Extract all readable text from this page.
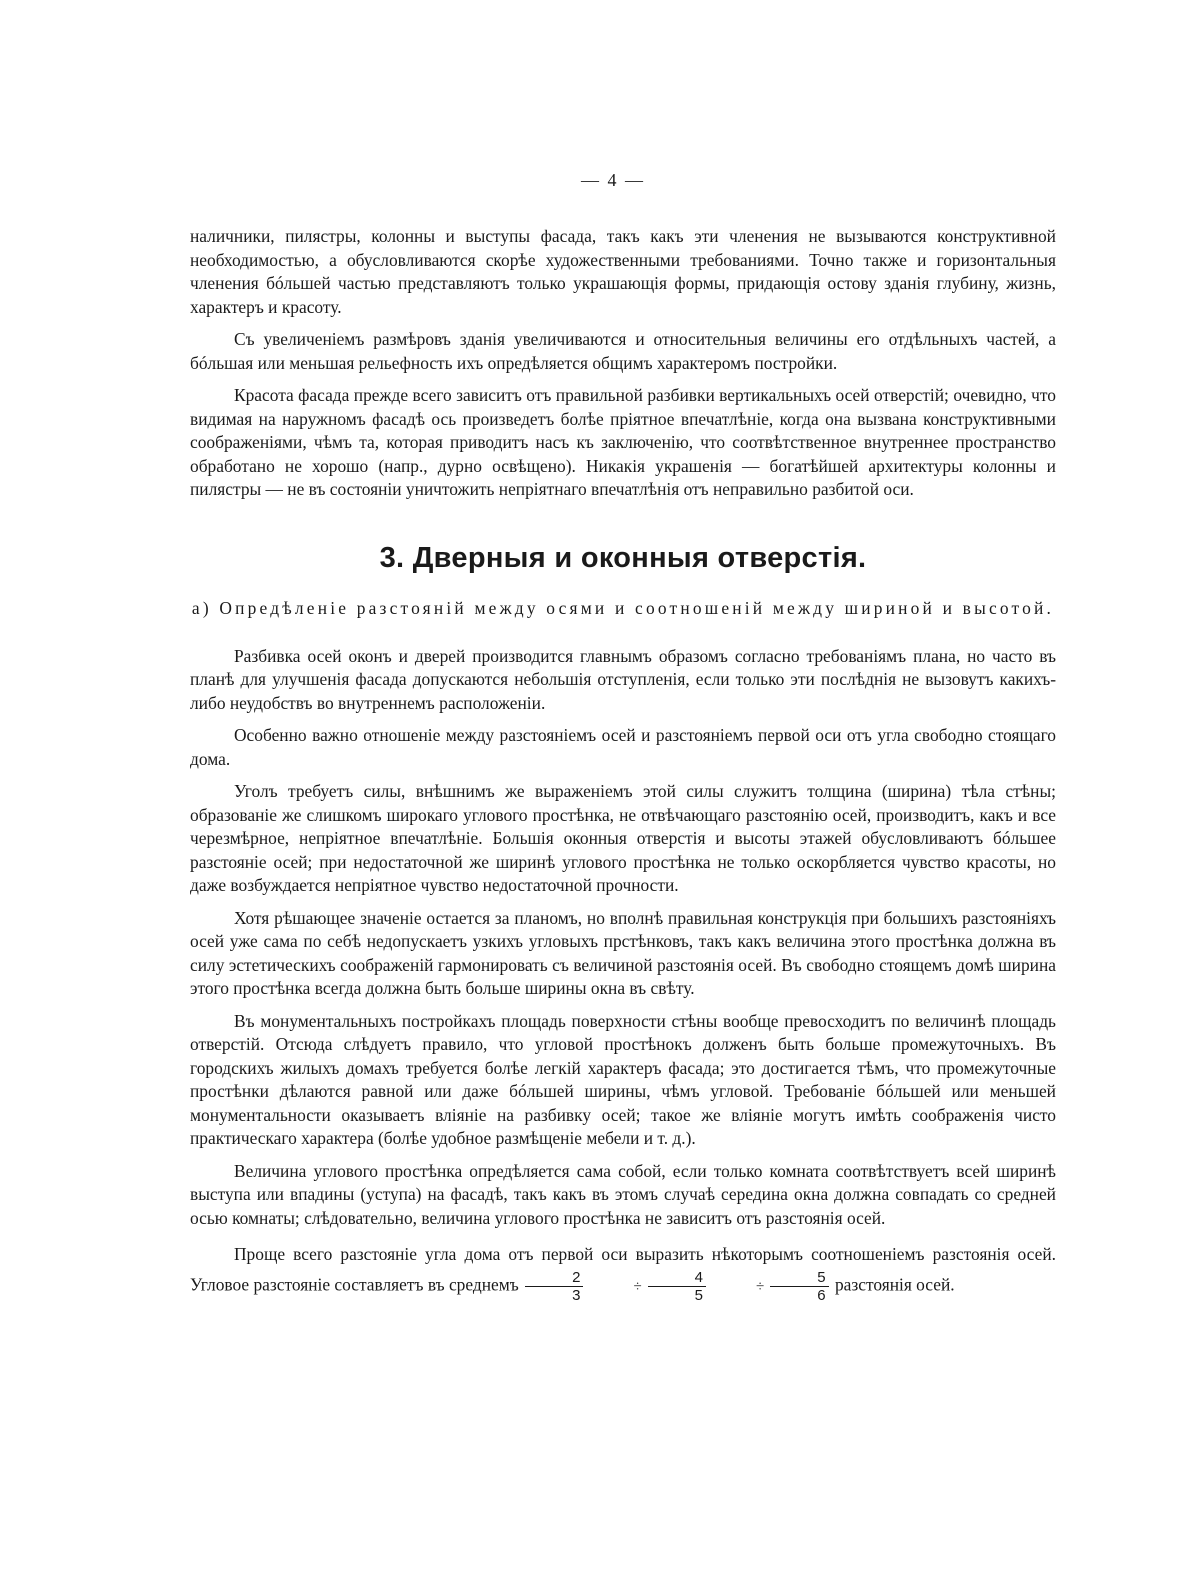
— 4 —

наличники, пилястры, колонны и выступы фасада, такъ какъ эти членения не вызываются конструктивной необходимостью, а обусловливаются скорѣе художественными требованиями. Точно также и горизонтальныя членения бóльшей частью представляютъ только украшающія формы, придающія остову зданія глубину, жизнь, характеръ и красоту.

Съ увеличеніемъ размѣровъ зданія увеличиваются и относительныя величины его отдѣльныхъ частей, а бóльшая или меньшая рельефность ихъ опредѣляется общимъ характеромъ постройки.

Красота фасада прежде всего зависитъ отъ правильной разбивки вертикальныхъ осей отверстій; очевидно, что видимая на наружномъ фасадѣ ось произведетъ болѣе пріятное впечатлѣніе, когда она вызвана конструктивными соображеніями, чѣмъ та, которая приводитъ насъ къ заключенію, что соотвѣтственное внутреннее пространство обработано не хорошо (напр., дурно освѣщено). Никакія украшенія — богатѣйшей архитектуры колонны и пилястры — не въ состояніи уничтожить непріятнаго впечатлѣнія отъ неправильно разбитой оси.

3. Дверныя и оконныя отверстія.
а) Опредѣленіе разстояній между осями и соотношеній между шириной и высотой.

Разбивка осей оконъ и дверей производится главнымъ образомъ согласно требованіямъ плана, но часто въ планѣ для улучшенія фасада допускаются небольшія отступленія, если только эти послѣднія не вызовутъ какихъ-либо неудобствъ во внутреннемъ расположеніи.

Особенно важно отношеніе между разстояніемъ осей и разстояніемъ первой оси отъ угла свободно стоящаго дома.

Уголъ требуетъ силы, внѣшнимъ же выраженіемъ этой силы служитъ толщина (ширина) тѣла стѣны; образованіе же слишкомъ широкаго углового простѣнка, не отвѣчающаго разстоянію осей, производитъ, какъ и все черезмѣрное, непріятное впечатлѣніе. Большія оконныя отверстія и высоты этажей обусловливаютъ бóльшее разстояніе осей; при недостаточной же ширинѣ углового простѣнка не только оскорбляется чувство красоты, но даже возбуждается непріятное чувство недостаточной прочности.

Хотя рѣшающее значеніе остается за планомъ, но вполнѣ правильная конструкція при большихъ разстояніяхъ осей уже сама по себѣ недопускаетъ узкихъ угловыхъ прстѣнковъ, такъ какъ величина этого простѣнка должна въ силу эстетическихъ соображеній гармонировать съ величиной разстоянія осей. Въ свободно стоящемъ домѣ ширина этого простѣнка всегда должна быть больше ширины окна въ свѣту.

Въ монументальныхъ постройкахъ площадь поверхности стѣны вообще превосходитъ по величинѣ площадь отверстій. Отсюда слѣдуетъ правило, что угловой простѣнокъ долженъ быть больше промежуточныхъ. Въ городскихъ жилыхъ домахъ требуется болѣе легкій характеръ фасада; это достигается тѣмъ, что промежуточные простѣнки дѣлаются равной или даже бóльшей ширины, чѣмъ угловой. Требованіе бóльшей или меньшей монументальности оказываетъ вліяніе на разбивку осей; такое же вліяніе могутъ имѣть соображенія чисто практическаго характера (болѣе удобное размѣщеніе мебели и т. д.).

Величина углового простѣнка опредѣляется сама собой, если только комната соотвѣтствуетъ всей ширинѣ выступа или впадины (уступа) на фасадѣ, такъ какъ въ этомъ случаѣ середина окна должна совпадать со средней осью комнаты; слѣдовательно, величина углового простѣнка не зависитъ отъ разстоянія осей.

Проще всего разстояніе угла дома отъ первой оси выразить нѣкоторымъ соотношеніемъ разстоянія осей. Угловое разстояніе составляетъ въ среднемъ $\frac{2}{3}$	÷ $\frac{4}{5}$	÷ $\frac{5}{6}$ разстоянія осей.
